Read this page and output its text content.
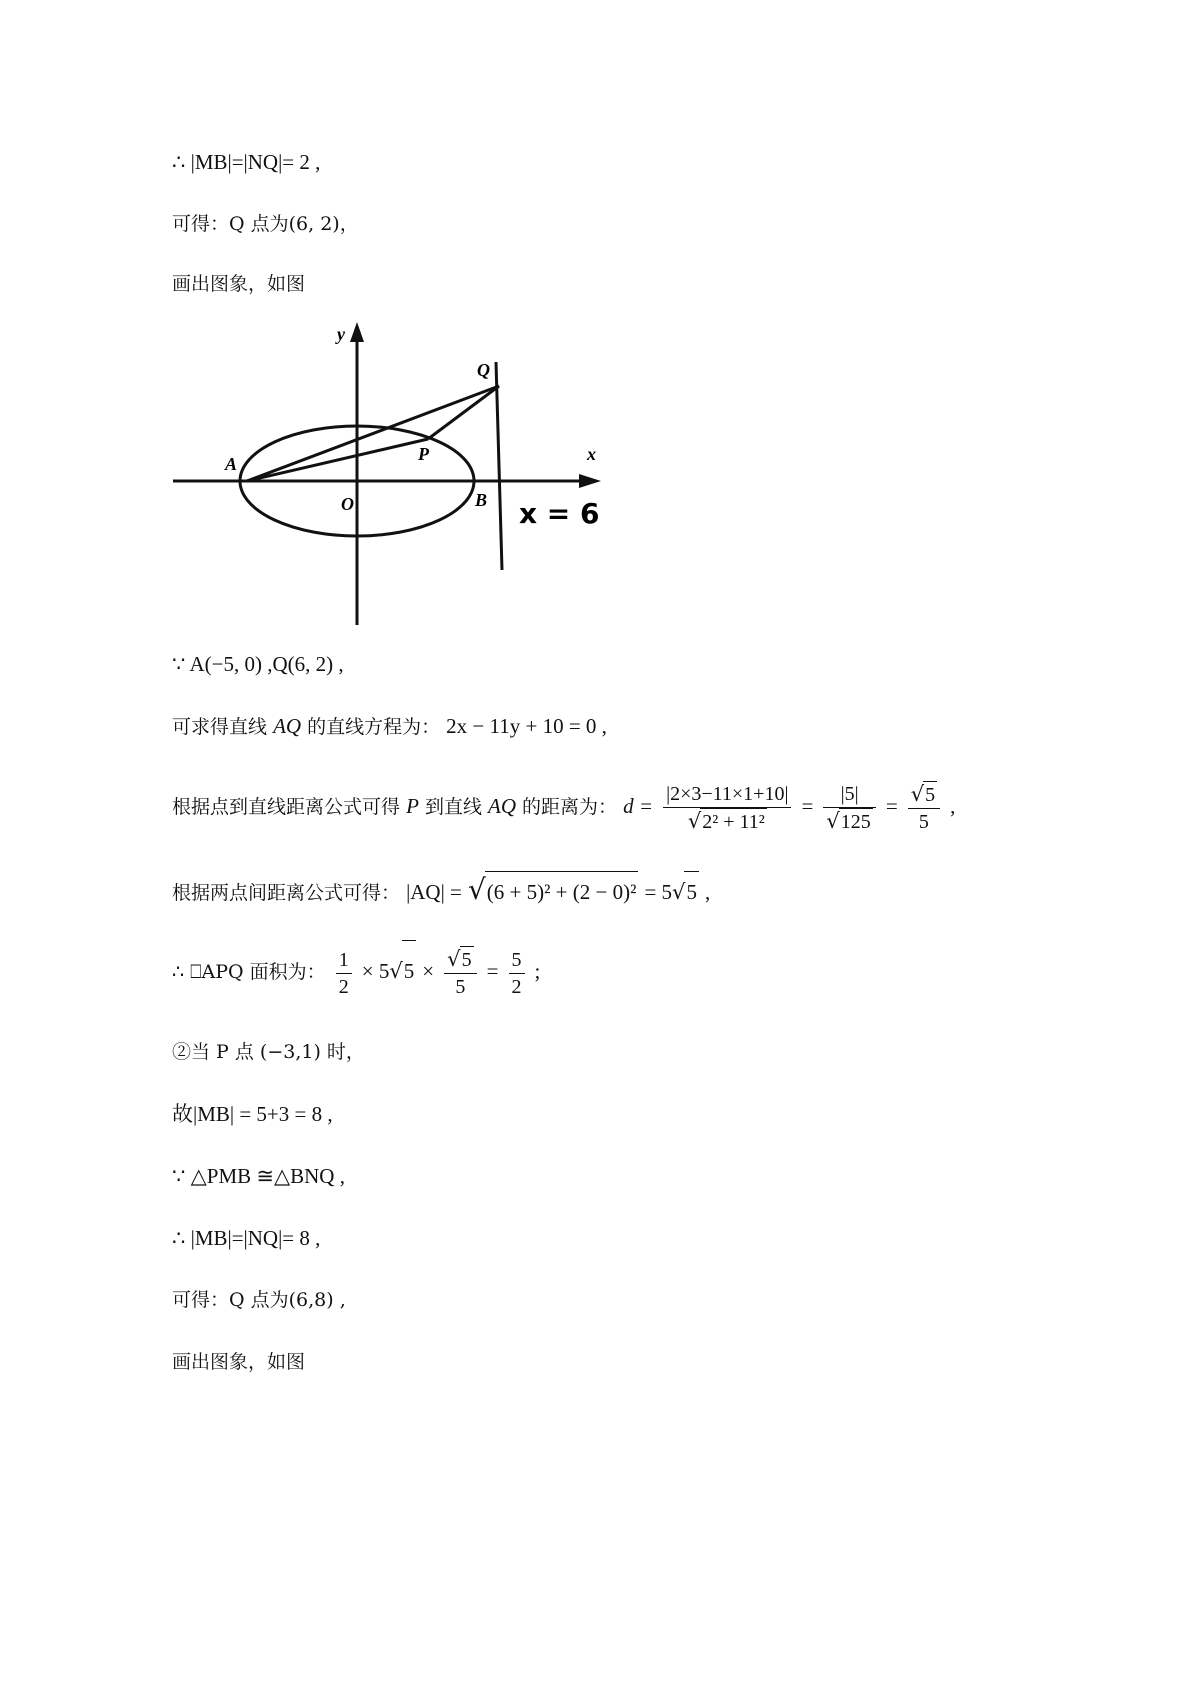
∴ |MB|=|NQ|= 2 ,
可得：Q 点为(6, 2)，
画出图象，如图
y
x
Q
A	P
O	B x = 6
∵ A(−5, 0) ,Q(6, 2) ,
可求得直线 AQ 的直线方程为： 2x − 11y + 10 = 0 ,
根据点到直线距离公式可得 P 到直线 AQ 的距离为： $d = \frac{|2\times 3-11\times 1+10|}{\text{√2² + 11²}} = \frac{|5|}{√125} = \frac{√5}{5}$ ,
根据两点间距离公式可得： |AQ| = √(6 + 5)² + (2 − 0)² = 5√5 ,
∴ ⎕APQ 面积为： $\frac{1}{2} \times 5√5 \times \frac{√5}{5} = \frac{5}{2}$ ;
②当 P 点 (−3,1) 时，
故|MB| = 5+3 = 8 ,
∵ △PMB ≅△BNQ ,
∴ |MB|=|NQ|= 8 ,
可得：Q 点为(6,8) ,
画出图象，如图
